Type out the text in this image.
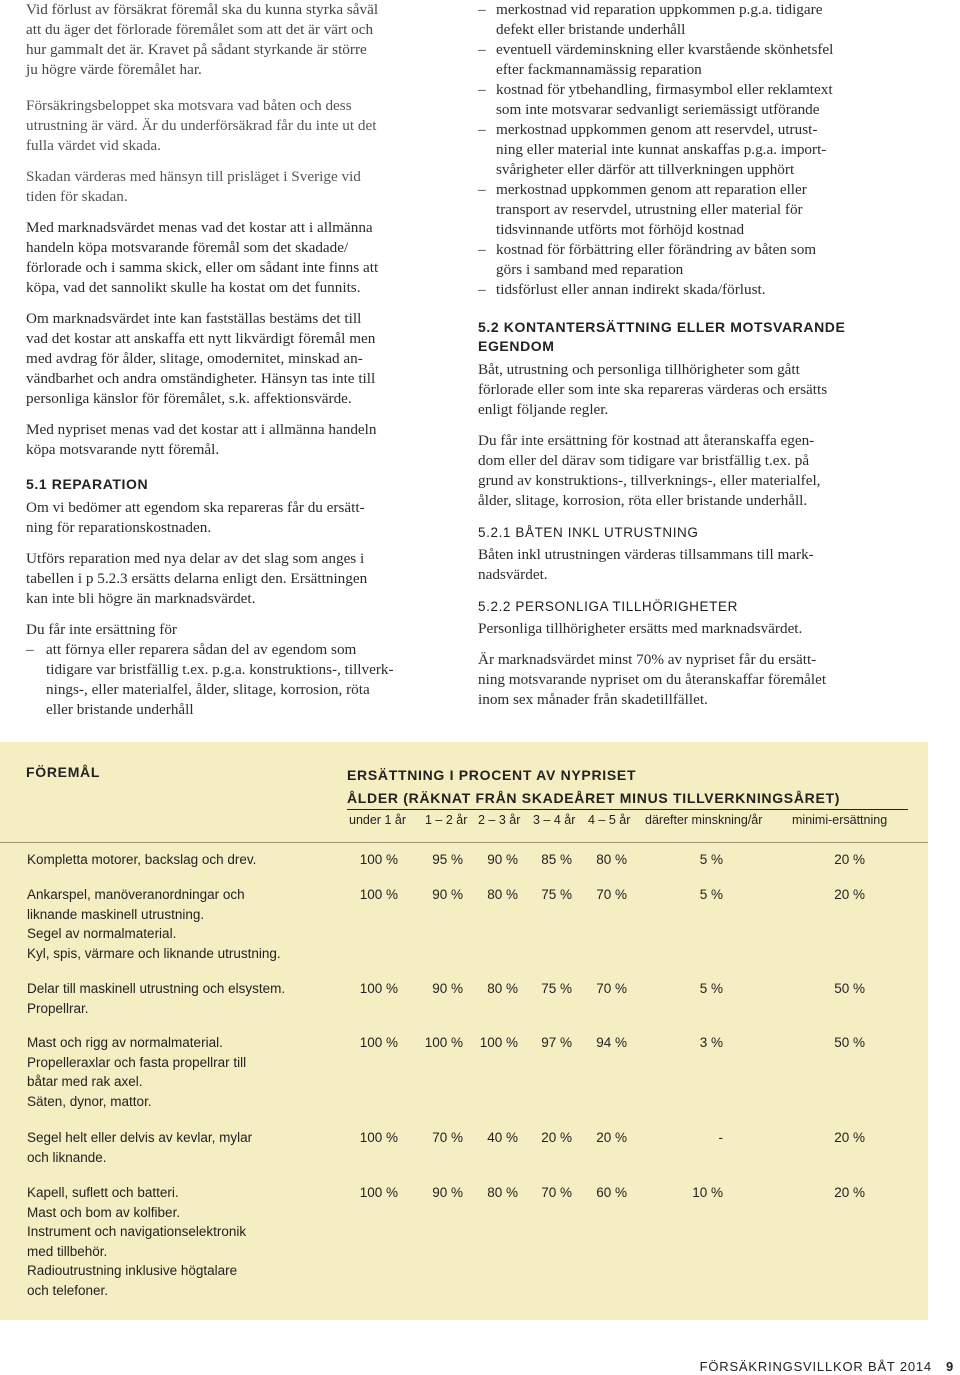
Vid förlust av försäkrat föremål ska du kunna styrka såväl
att du äger det förlorade föremålet som att det är värt och
hur gammalt det är. Kravet på sådant styrkande är större
ju högre värde föremålet har.

Försäkringsbeloppet ska motsvara vad båten och dess
utrustning är värd. Är du underförsäkrad får du inte ut det
fulla värdet vid skada.

Skadan värderas med hänsyn till prisläget i Sverige vid
tiden för skadan.

Med marknadsvärdet menas vad det kostar att i allmänna
handeln köpa motsvarande föremål som det skadade/
förlorade och i samma skick, eller om sådant inte finns att
köpa, vad det sannolikt skulle ha kostat om det funnits.

Om marknadsvärdet inte kan fastställas bestäms det till
vad det kostar att anskaffa ett nytt likvärdigt föremål men
med avdrag för ålder, slitage, omodernitet, minskad an-
vändbarhet och andra omständigheter. Hänsyn tas inte till
personliga känslor för föremålet, s.k. affektionsvärde.

Med nypriset menas vad det kostar att i allmänna handeln
köpa motsvarande nytt föremål.

5.1 REPARATION

Om vi bedömer att egendom ska repareras får du ersätt-
ning för reparationskostnaden.

Utförs reparation med nya delar av det slag som anges i
tabellen i p 5.2.3 ersätts delarna enligt den. Ersättningen
kan inte bli högre än marknadsvärdet.

Du får inte ersättning för

– att förnya eller reparera sådan del av egendom som
tidigare var bristfällig t.ex. p.g.a. konstruktions-, tillverk-
nings-, eller materialfel, ålder, slitage, korrosion, röta
eller bristande underhåll
– merkostnad vid reparation uppkommen p.g.a. tidigare
defekt eller bristande underhåll
– eventuell värdeminskning eller kvarstående skönhetsfel
efter fackmannamässig reparation
– kostnad för ytbehandling, firmasymbol eller reklamtext
som inte motsvarar sedvanligt seriemässigt utförande
– merkostnad uppkommen genom att reservdel, utrust-
ning eller material inte kunnat anskaffas p.g.a. import-
svårigheter eller därför att tillverkningen upphört
– merkostnad uppkommen genom att reparation eller
transport av reservdel, utrustning eller material för
tidsvinnande utförts mot förhöjd kostnad
– kostnad för förbättring eller förändring av båten som
görs i samband med reparation
– tidsförlust eller annan indirekt skada/förlust.
5.2 KONTANTERSÄTTNING ELLER MOTSVARANDE
EGENDOM

Båt, utrustning och personliga tillhörigheter som gått
förlorade eller som inte ska repareras värderas och ersätts
enligt följande regler.

Du får inte ersättning för kostnad att återanskaffa egen-
dom eller del därav som tidigare var bristfällig t.ex. på
grund av konstruktions-, tillverknings-, eller materialfel,
ålder, slitage, korrosion, röta eller bristande underhåll.

5.2.1 BÅTEN INKL UTRUSTNING

Båten inkl utrustningen värderas tillsammans till mark-
nadsvärdet.

5.2.2 PERSONLIGA TILLHÖRIGHETER

Personliga tillhörigheter ersätts med marknadsvärdet.

Är marknadsvärdet minst 70% av nypriset får du ersätt-
ning motsvarande nypriset om du återanskaffar föremålet
inom sex månader från skadetillfället.

FÖREMÅL	ERSÄTTNING I PROCENT AV NYPRISET
ÅLDER (RÄKNAT FRÅN SKADEÅRET MINUS TILLVERKNINGSÅRET)
under 1 år 1 – 2 år 2 – 3 år 3 – 4 år 4 – 5 år därefter minskning/år minimi-ersättning
Kompletta motorer, backslag och drev.	100 %	95 % 90 % 85 % 80 %	5 %	20 %
Ankarspel, manöveranordningar och
liknande maskinell utrustning.
Segel av normalmaterial.
Kyl, spis, värmare och liknande utrustning.
100 %	90 % 80 % 75 % 70 %	5 %	20 %
Delar till maskinell utrustning och elsystem.
Propellrar.
100 %	90 % 80 % 75 % 70 %	5 %	50 %
Mast och rigg av normalmaterial.
Propelleraxlar och fasta propellrar till
båtar med rak axel.
Säten, dynor, mattor.
100 % 100 % 100 % 97 % 94 %	3 %	50 %
Segel helt eller delvis av kevlar, mylar
och liknande.
100 %	70 % 40 % 20 % 20 %	-	20 %
Kapell, suflett och batteri.
Mast och bom av kolfiber.
Instrument och navigationselektronik
med tillbehör.
Radioutrustning inklusive högtalare
och telefoner.
100 %	90 % 80 % 70 % 60 %	10 %	20 %
FÖRSÄKRINGSVILLKOR BÅT 2014 9
